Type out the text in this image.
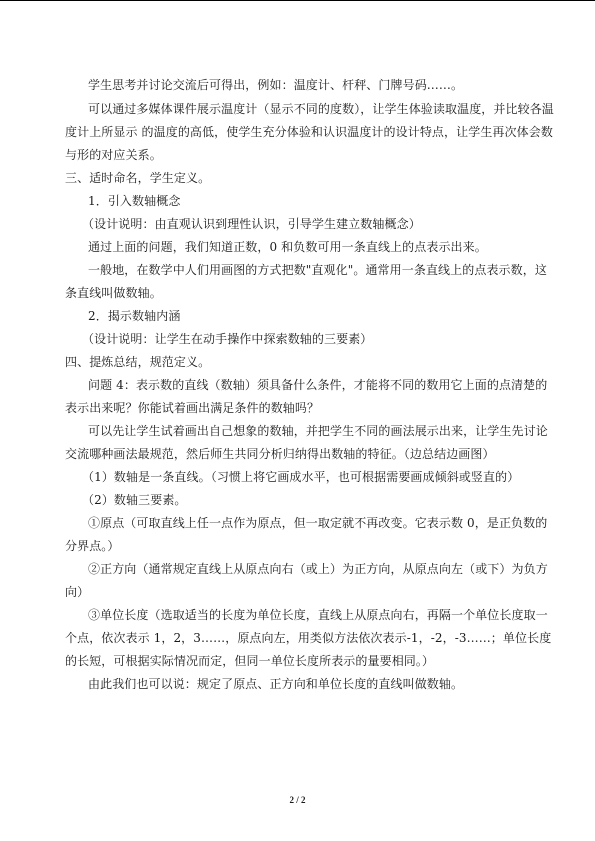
学生思考并讨论交流后可得出，例如：温度计、杆秤、门牌号码……。
可以通过多媒体课件展示温度计（显示不同的度数），让学生体验读取温度，并比较各温
度计上所显示 的温度的高低，使学生充分体验和认识温度计的设计特点，让学生再次体会数
与形的对应关系。
三、适时命名，学生定义。
1．引入数轴概念
（设计说明：由直观认识到理性认识，引导学生建立数轴概念）
通过上面的问题，我们知道正数，0 和负数可用一条直线上的点表示出来。
一般地，在数学中人们用画图的方式把数"直观化"。通常用一条直线上的点表示数，这
条直线叫做数轴。
2．揭示数轴内涵
（设计说明：让学生在动手操作中探索数轴的三要素）
四、提炼总结，规范定义。
问题 4：表示数的直线（数轴）须具备什么条件，才能将不同的数用它上面的点清楚的
表示出来呢？你能试着画出满足条件的数轴吗？
可以先让学生试着画出自己想象的数轴，并把学生不同的画法展示出来，让学生先讨论
交流哪种画法最规范，然后师生共同分析归纳得出数轴的特征。（边总结边画图）
（1）数轴是一条直线。（习惯上将它画成水平，也可根据需要画成倾斜或竖直的）
（2）数轴三要素。
①原点（可取直线上任一点作为原点，但一取定就不再改变。它表示数 0，是正负数的
分界点。）
②正方向（通常规定直线上从原点向右（或上）为正方向，从原点向左（或下）为负方
向）
③单位长度（选取适当的长度为单位长度，直线上从原点向右，再隔一个单位长度取一
个点，依次表示 1，2，3……，原点向左，用类似方法依次表示-1，-2，-3……；单位长度
的长短，可根据实际情况而定，但同一单位长度所表示的量要相同。）
由此我们也可以说：规定了原点、正方向和单位长度的直线叫做数轴。
2 / 2
